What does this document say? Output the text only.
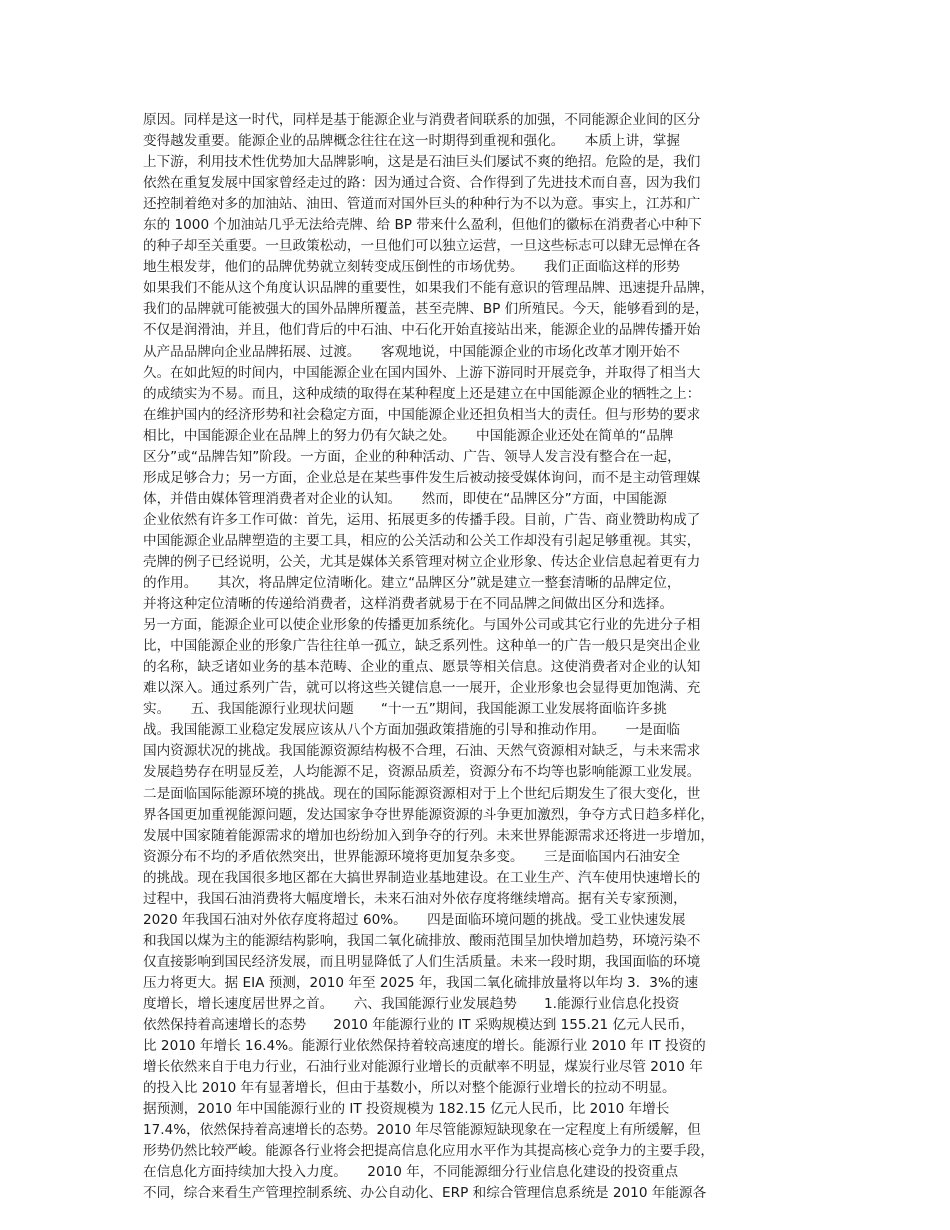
原因。同样是这一时代，同样是基于能源企业与消费者间联系的加强，不同能源企业间的区分
变得越发重要。能源企业的品牌概念往往在这一时期得到重视和强化。　　本质上讲，掌握
上下游，利用技术性优势加大品牌影响，这是是石油巨头们屡试不爽的绝招。危险的是，我们
依然在重复发展中国家曾经走过的路：因为通过合资、合作得到了先进技术而自喜，因为我们
还控制着绝对多的加油站、油田、管道而对国外巨头的种种行为不以为意。事实上，江苏和广
东的 1000 个加油站几乎无法给壳牌、给 BP 带来什么盈利，但他们的徽标在消费者心中种下
的种子却至关重要。一旦政策松动，一旦他们可以独立运营，一旦这些标志可以肆无忌惮在各
地生根发芽，他们的品牌优势就立刻转变成压倒性的市场优势。　　我们正面临这样的形势
如果我们不能从这个角度认识品牌的重要性，如果我们不能有意识的管理品牌、迅速提升品牌，
我们的品牌就可能被强大的国外品牌所覆盖，甚至壳牌、BP 们所殖民。今天，能够看到的是，
不仅是润滑油，并且，他们背后的中石油、中石化开始直接站出来，能源企业的品牌传播开始
从产品品牌向企业品牌拓展、过渡。　　客观地说，中国能源企业的市场化改革才刚开始不
久。在如此短的时间内，中国能源企业在国内国外、上游下游同时开展竞争，并取得了相当大
的成绩实为不易。而且，这种成绩的取得在某种程度上还是建立在中国能源企业的牺牲之上：
在维护国内的经济形势和社会稳定方面，中国能源企业还担负相当大的责任。但与形势的要求
相比，中国能源企业在品牌上的努力仍有欠缺之处。　　中国能源企业还处在简单的“品牌
区分”或“品牌告知”阶段。一方面，企业的种种活动、广告、领导人发言没有整合在一起，
形成足够合力；另一方面，企业总是在某些事件发生后被动接受媒体询问，而不是主动管理媒
体，并借由媒体管理消费者对企业的认知。　　然而，即使在“品牌区分”方面，中国能源
企业依然有许多工作可做：首先，运用、拓展更多的传播手段。目前，广告、商业赞助构成了
中国能源企业品牌塑造的主要工具，相应的公关活动和公关工作却没有引起足够重视。其实，
壳牌的例子已经说明，公关，尤其是媒体关系管理对树立企业形象、传达企业信息起着更有力
的作用。　　其次，将品牌定位清晰化。建立“品牌区分”就是建立一整套清晰的品牌定位，
并将这种定位清晰的传递给消费者，这样消费者就易于在不同品牌之间做出区分和选择。
另一方面，能源企业可以使企业形象的传播更加系统化。与国外公司或其它行业的先进分子相
比，中国能源企业的形象广告往往单一孤立，缺乏系列性。这种单一的广告一般只是突出企业
的名称，缺乏诸如业务的基本范畴、企业的重点、愿景等相关信息。这使消费者对企业的认知
难以深入。通过系列广告，就可以将这些关键信息一一展开，企业形象也会显得更加饱满、充
实。　　五、我国能源行业现状问题　　“十一五”期间，我国能源工业发展将面临许多挑
战。我国能源工业稳定发展应该从八个方面加强政策措施的引导和推动作用。　　一是面临
国内资源状况的挑战。我国能源资源结构极不合理，石油、天然气资源相对缺乏，与未来需求
发展趋势存在明显反差，人均能源不足，资源品质差，资源分布不均等也影响能源工业发展。
二是面临国际能源环境的挑战。现在的国际能源资源相对于上个世纪后期发生了很大变化，世
界各国更加重视能源问题，发达国家争夺世界能源资源的斗争更加激烈，争夺方式日趋多样化，
发展中国家随着能源需求的增加也纷纷加入到争夺的行列。未来世界能源需求还将进一步增加，
资源分布不均的矛盾依然突出，世界能源环境将更加复杂多变。　　三是面临国内石油安全
的挑战。现在我国很多地区都在大搞世界制造业基地建设。在工业生产、汽车使用快速增长的
过程中，我国石油消费将大幅度增长，未来石油对外依存度将继续增高。据有关专家预测，
2020 年我国石油对外依存度将超过 60%。　　四是面临环境问题的挑战。受工业快速发展
和我国以煤为主的能源结构影响，我国二氧化硫排放、酸雨范围呈加快增加趋势，环境污染不
仅直接影响到国民经济发展，而且明显降低了人们生活质量。未来一段时期，我国面临的环境
压力将更大。据 EIA 预测，2010 年至 2025 年，我国二氧化硫排放量将以年均 3．3%的速
度增长，增长速度居世界之首。　　六、我国能源行业发展趋势　　1.能源行业信息化投资
依然保持着高速增长的态势　　2010 年能源行业的 IT 采购规模达到 155.21 亿元人民币，
比 2010 年增长 16.4%。能源行业依然保持着较高速度的增长。能源行业 2010 年 IT 投资的
增长依然来自于电力行业，石油行业对能源行业增长的贡献率不明显，煤炭行业尽管 2010 年
的投入比 2010 年有显著增长，但由于基数小，所以对整个能源行业增长的拉动不明显。
据预测，2010 年中国能源行业的 IT 投资规模为 182.15 亿元人民币，比 2010 年增长
17.4%，依然保持着高速增长的态势。2010 年尽管能源短缺现象在一定程度上有所缓解，但
形势仍然比较严峻。能源各行业将会把提高信息化应用水平作为其提高核心竞争力的主要手段，
在信息化方面持续加大投入力度。　　2010 年，不同能源细分行业信息化建设的投资重点
不同，综合来看生产管理控制系统、办公自动化、ERP 和综合管理信息系统是 2010 年能源各
